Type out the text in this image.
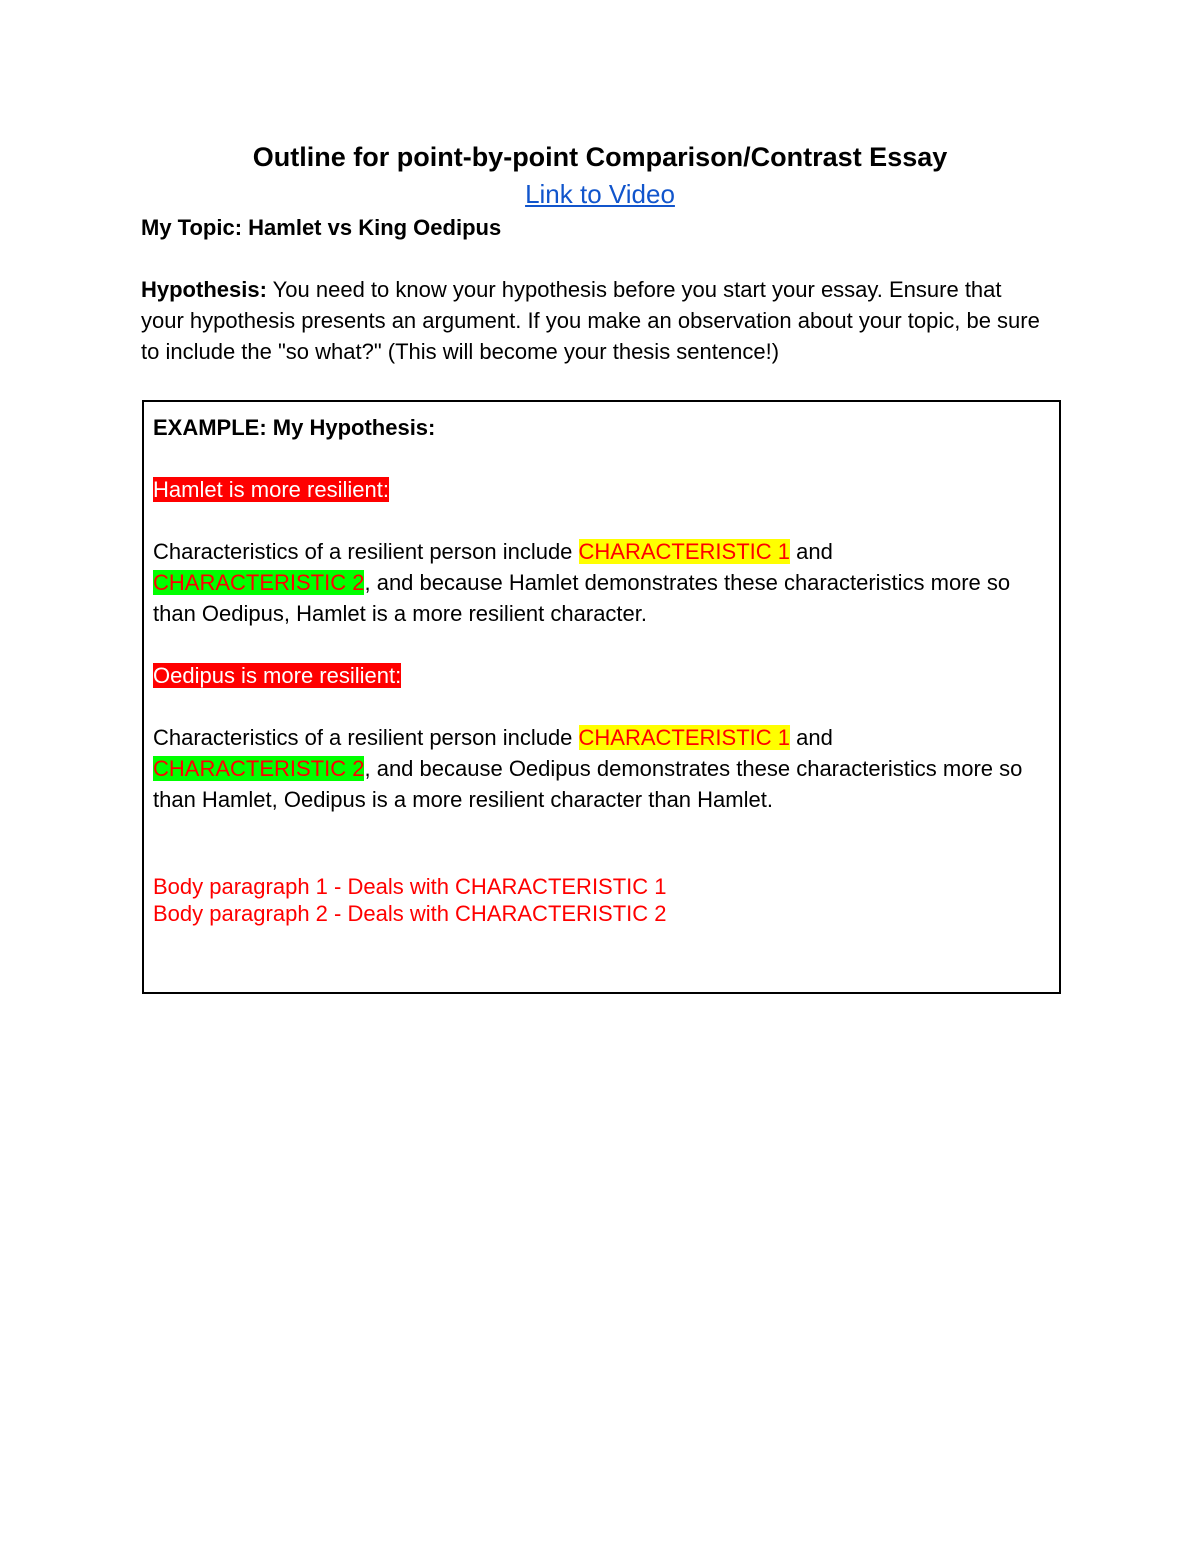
Outline for point-by-point Comparison/Contrast Essay
Link to Video

My Topic: Hamlet vs King Oedipus

Hypothesis: You need to know your hypothesis before you start your essay. Ensure that your hypothesis presents an argument. If you make an observation about your topic, be sure to include the "so what?" (This will become your thesis sentence!)

EXAMPLE: My Hypothesis:

Hamlet is more resilient:

Characteristics of a resilient person include CHARACTERISTIC 1 and
CHARACTERISTIC 2, and because Hamlet demonstrates these characteristics more so than Oedipus, Hamlet is a more resilient character.

Oedipus is more resilient:

Characteristics of a resilient person include CHARACTERISTIC 1 and
CHARACTERISTIC 2, and because Oedipus demonstrates these characteristics more so than Hamlet, Oedipus is a more resilient character than Hamlet.

Body paragraph 1 - Deals with CHARACTERISTIC 1

Body paragraph 2 - Deals with CHARACTERISTIC 2
